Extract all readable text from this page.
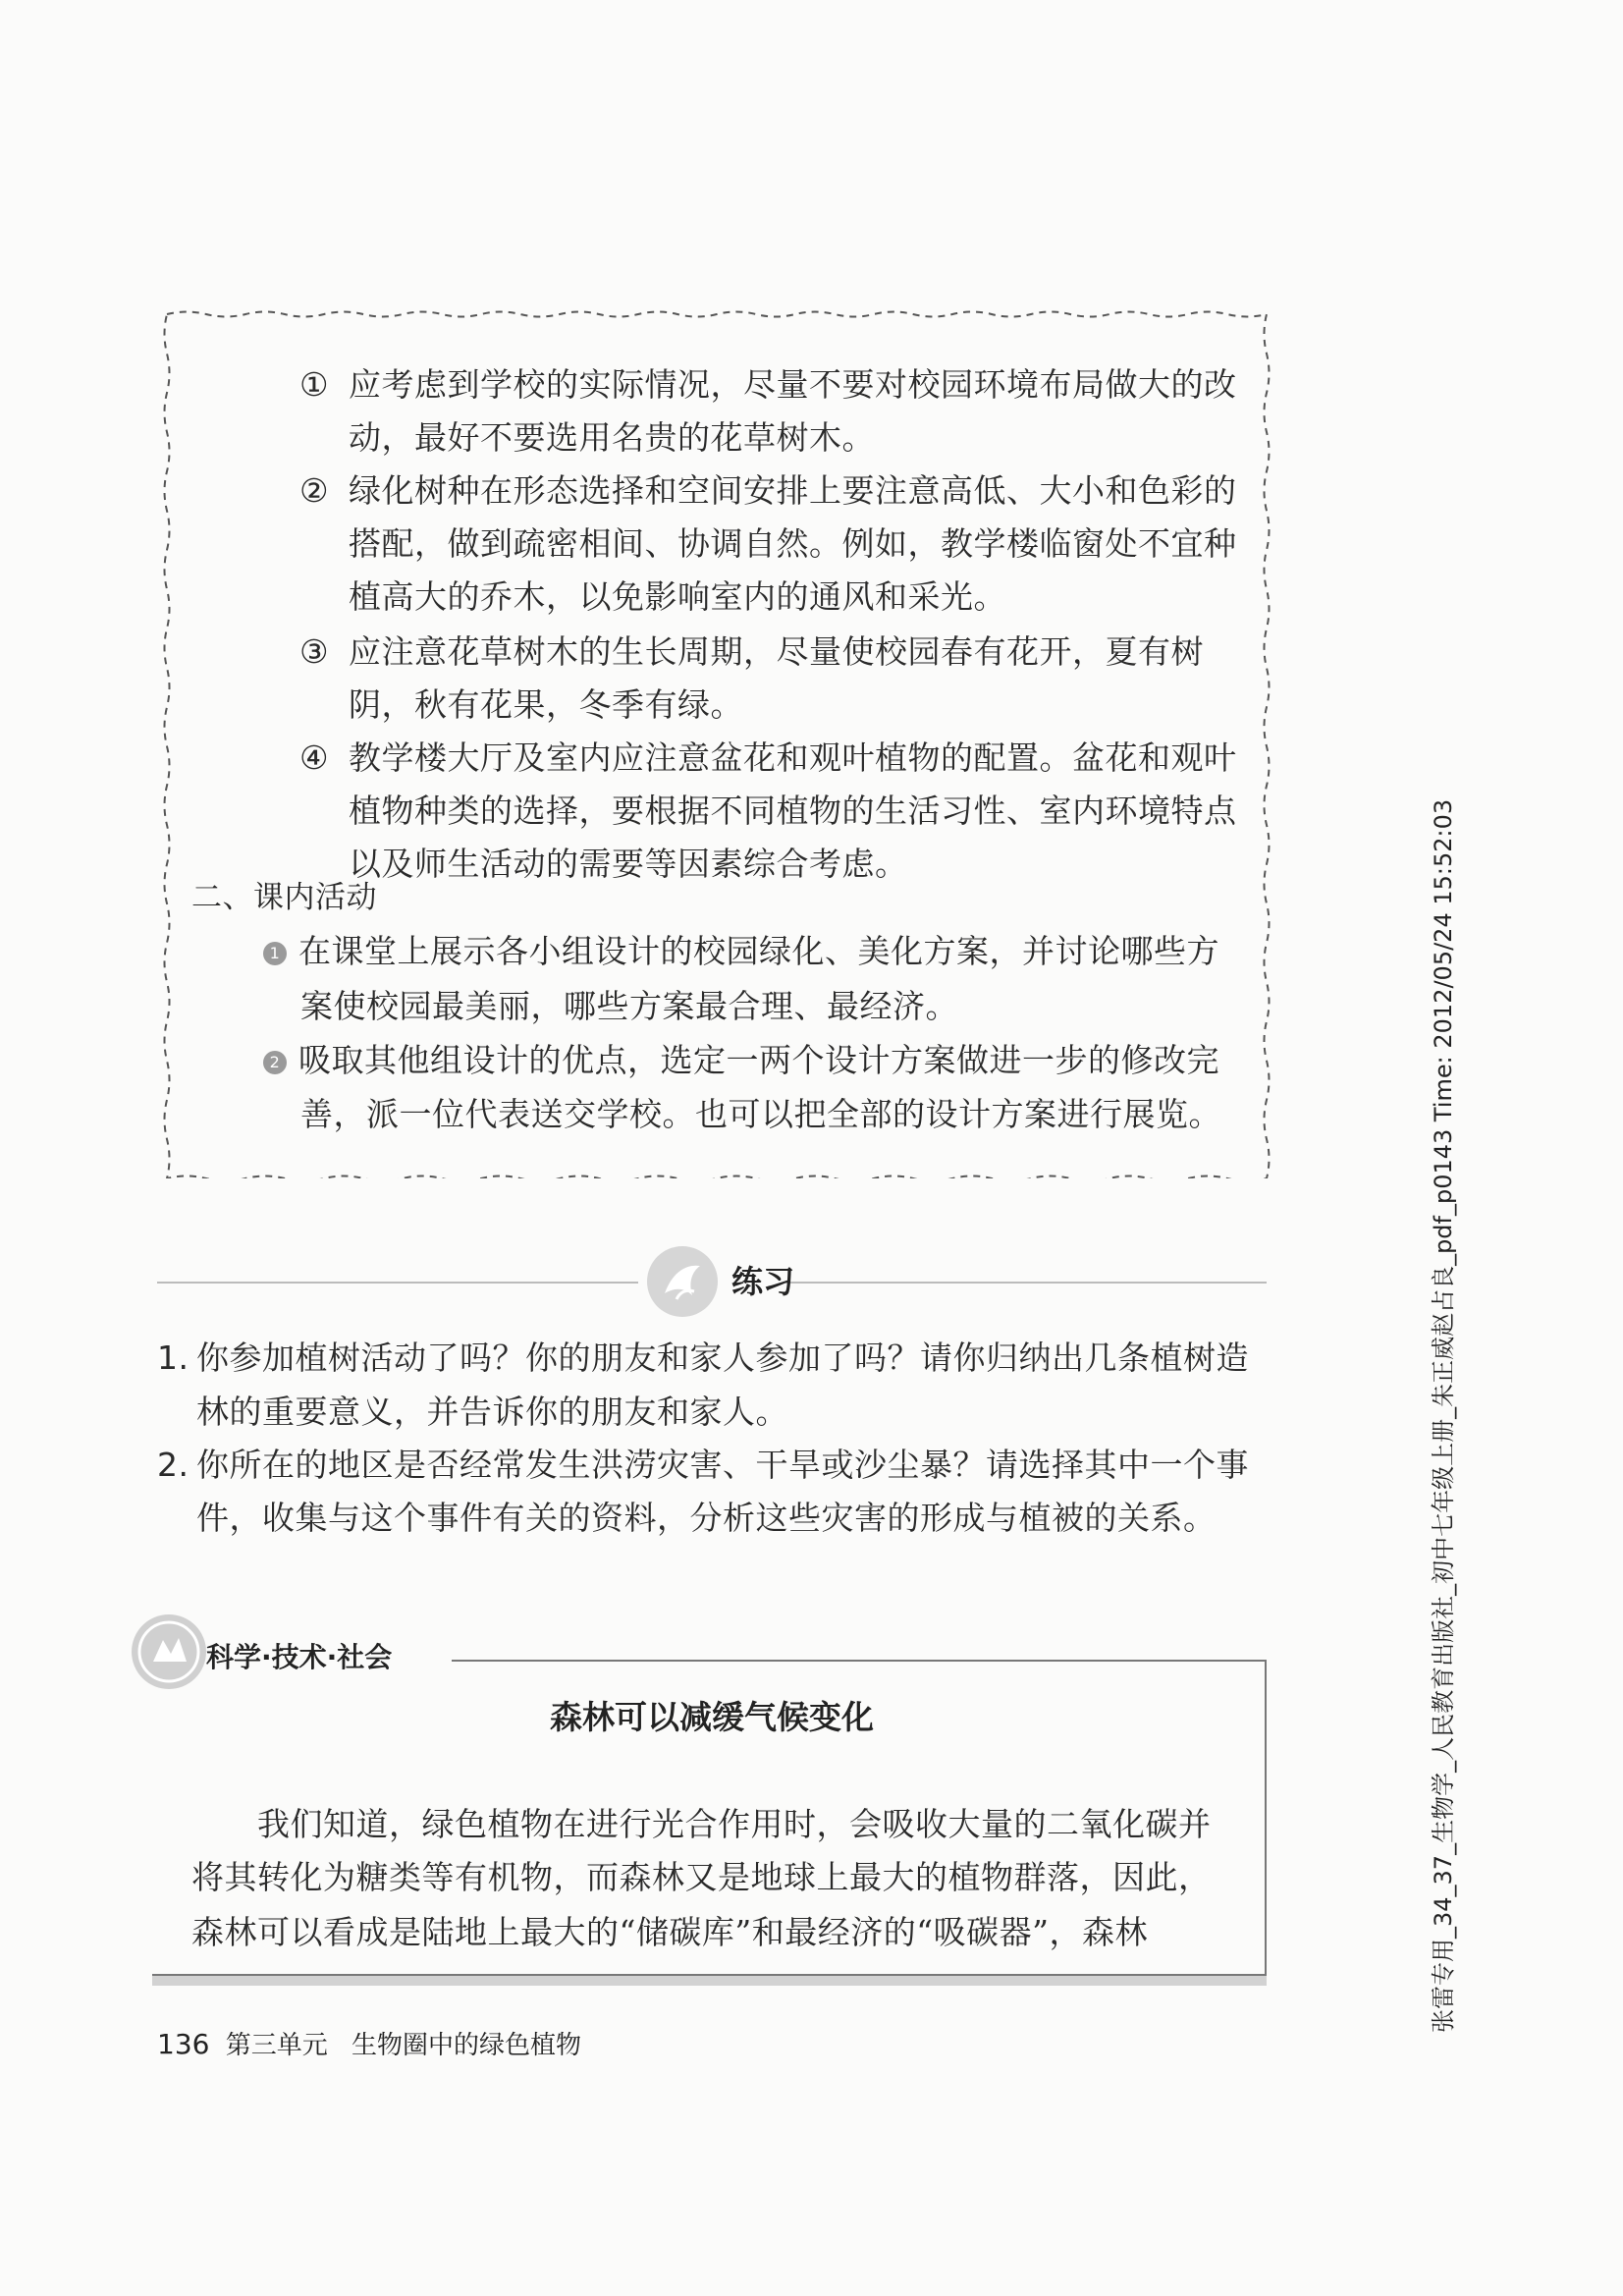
① 应考虑到学校的实际情况，尽量不要对校园环境布局做大的改
动，最好不要选用名贵的花草树木。
② 绿化树种在形态选择和空间安排上要注意高低、大小和色彩的
搭配，做到疏密相间、协调自然。例如，教学楼临窗处不宜种
植高大的乔木，以免影响室内的通风和采光。
③ 应注意花草树木的生长周期，尽量使校园春有花开，夏有树
阴，秋有花果，冬季有绿。
④ 教学楼大厅及室内应注意盆花和观叶植物的配置。盆花和观叶
植物种类的选择，要根据不同植物的生活习性、室内环境特点
以及师生活动的需要等因素综合考虑。
二、课内活动
1 在课堂上展示各小组设计的校园绿化、美化方案，并讨论哪些方
案使校园最美丽，哪些方案最合理、最经济。
2 吸取其他组设计的优点，选定一两个设计方案做进一步的修改完
善，派一位代表送交学校。也可以把全部的设计方案进行展览。
练习
1. 你参加植树活动了吗？你的朋友和家人参加了吗？请你归纳出几条植树造
林的重要意义，并告诉你的朋友和家人。
2. 你所在的地区是否经常发生洪涝灾害、干旱或沙尘暴？请选择其中一个事
件，收集与这个事件有关的资料，分析这些灾害的形成与植被的关系。
科学·技术·社会
森林可以减缓气候变化
我们知道，绿色植物在进行光合作用时，会吸收大量的二氧化碳并
将其转化为糖类等有机物，而森林又是地球上最大的植物群落，因此，
森林可以看成是陆地上最大的“储碳库”和最经济的“吸碳器”，森林
136 第三单元 生物圈中的绿色植物
张雷专用_34_37_生物学_人民教育出版社_初中七年级上册_朱正威赵占良_pdf_p0143 Time: 2012/05/24 15:52:03
